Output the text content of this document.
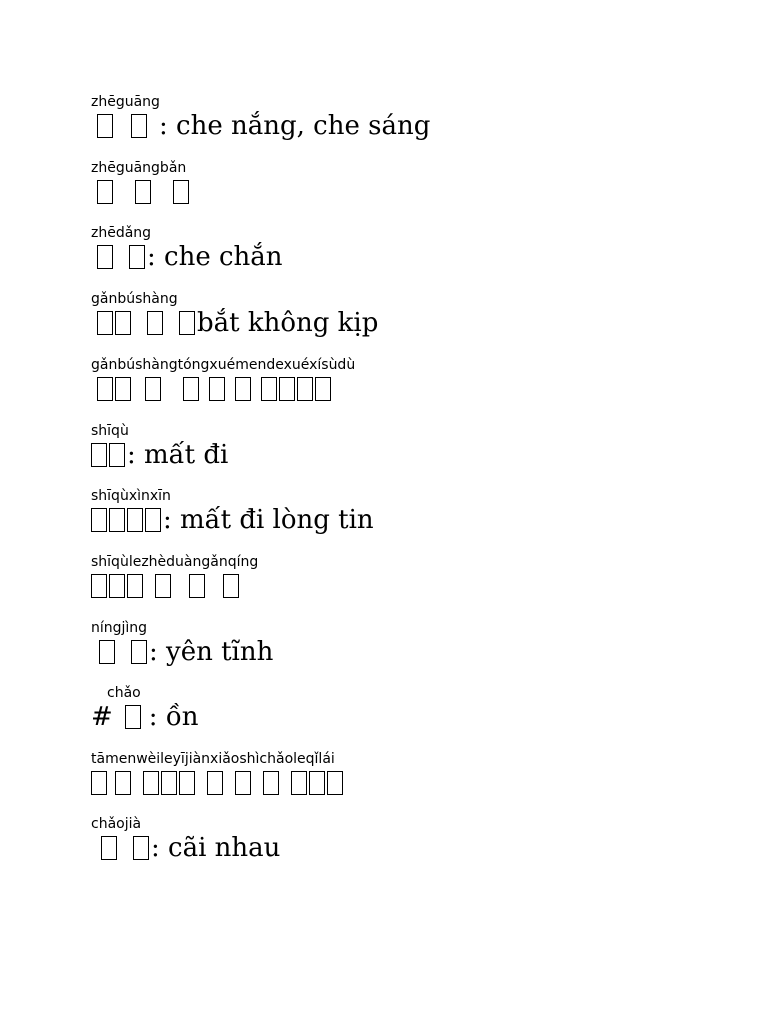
zhēguāng
: che nắng, che sáng
zhēguāngbǎn
zhēdǎng
: che chắn
gǎnbúshàng
bắt không kịp
gǎnbúshàngtóngxuémendexuéxísùdù
shīqù
: mất đi
shīqùxìnxīn
: mất đi lòng tin
shīqùlezhèduàngǎnqíng
níngjìng
: yên tĩnh
chǎo
# : ồn
tāmenwèileyījiànxiǎoshìchǎoleqǐlái
chǎojià
: cãi nhau
